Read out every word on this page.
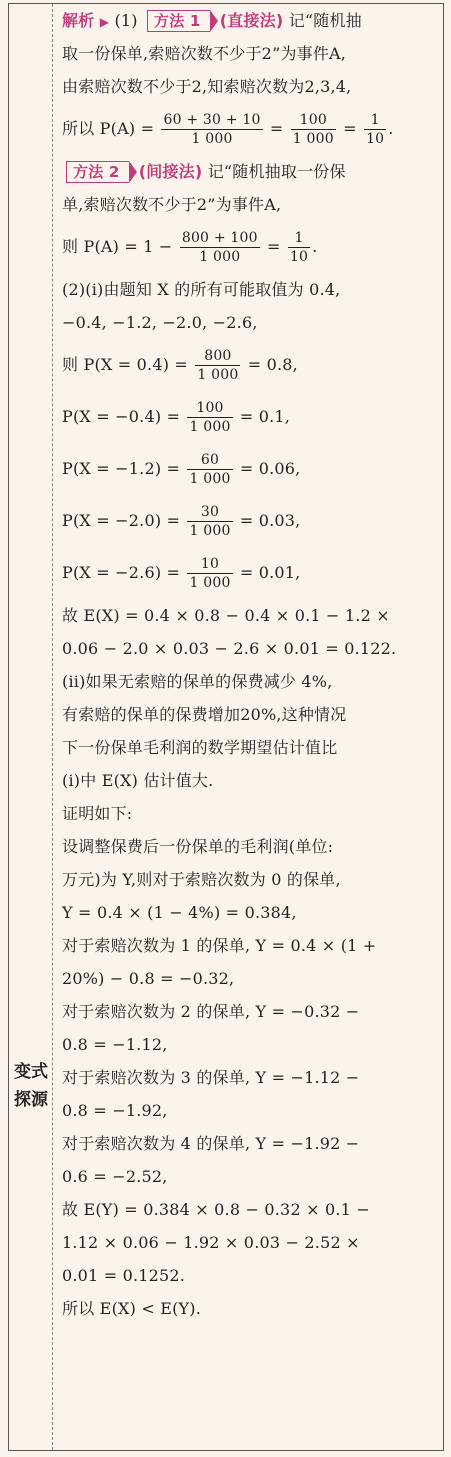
变式
探源
解析 ▶ (1) 方法 1 (直接法) 记“随机抽
取一份保单,索赔次数不少于2”为事件A,
由索赔次数不少于2,知索赔次数为2,3,4,
所以 $P(A) = \frac{60 + 30 + 10}{1 000} = \frac{100}{1 000} = \frac{1}{10}$ .
方法 2 (间接法) 记“随机抽取一份保
单,索赔次数不少于2”为事件A,
则 $P(A) = 1 - \frac{800 + 100}{1 000} = \frac{1}{10}$ .
(2)(i)由题知 X 的所有可能取值为 0.4,
−0.4, −1.2, −2.0, −2.6,
则 $P(X = 0.4) = \frac{800}{1 000} = 0.8$,
$P(X = -0.4) = \frac{100}{1 000} = 0.1$,
$P(X = -1.2) = \frac{60}{1 000} = 0.06$,
$P(X = -2.0) = \frac{30}{1 000} = 0.03$,
$P(X = -2.6) = \frac{10}{1 000} = 0.01$,
故 E(X) = 0.4 × 0.8 − 0.4 × 0.1 − 1.2 ×
0.06 − 2.0 × 0.03 − 2.6 × 0.01 = 0.122.
(ii)如果无索赔的保单的保费减少 4%,
有索赔的保单的保费增加20%,这种情况
下一份保单毛利润的数学期望估计值比
(i)中 E(X) 估计值大.
证明如下:
设调整保费后一份保单的毛利润(单位:
万元)为 Y,则对于索赔次数为 0 的保单,
Y = 0.4 × (1 − 4%) = 0.384,
对于索赔次数为 1 的保单, Y = 0.4 × (1 +
20%) − 0.8 = −0.32,
对于索赔次数为 2 的保单, Y = −0.32 −
0.8 = −1.12,
对于索赔次数为 3 的保单, Y = −1.12 −
0.8 = −1.92,
对于索赔次数为 4 的保单, Y = −1.92 −
0.6 = −2.52,
故 E(Y) = 0.384 × 0.8 − 0.32 × 0.1 −
1.12 × 0.06 − 1.92 × 0.03 − 2.52 ×
0.01 = 0.1252.
所以 E(X) < E(Y).
